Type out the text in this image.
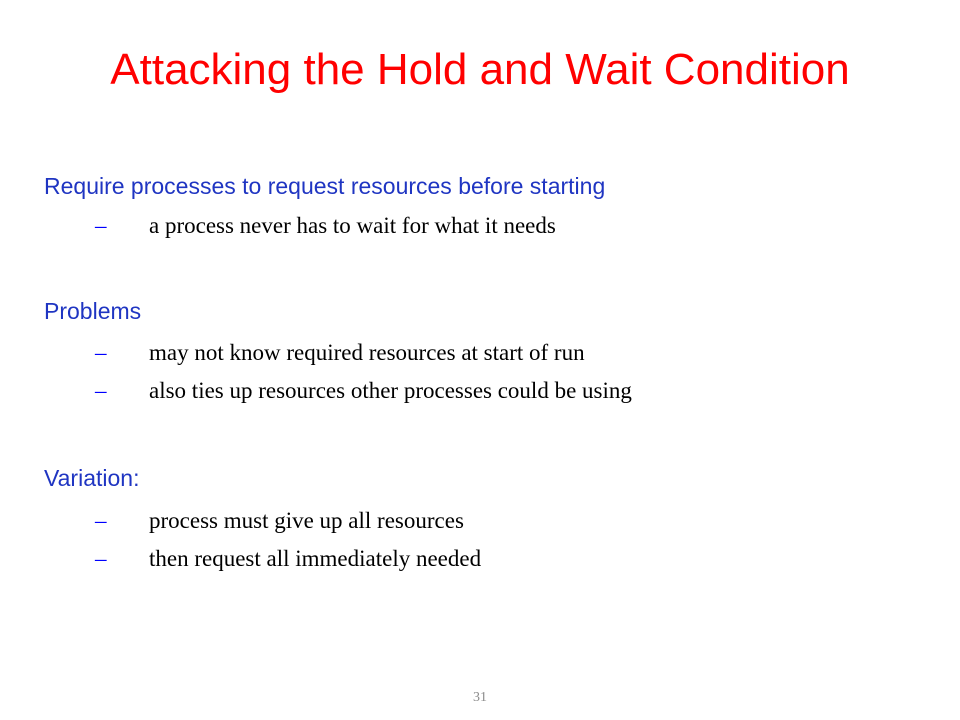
Attacking the Hold and Wait Condition
Require processes to request resources before starting
– a process never has to wait for what it needs
Problems
– may not know required resources at start of run
– also ties up resources other processes could be using
Variation:
– process must give up all resources
– then request all immediately needed
31
